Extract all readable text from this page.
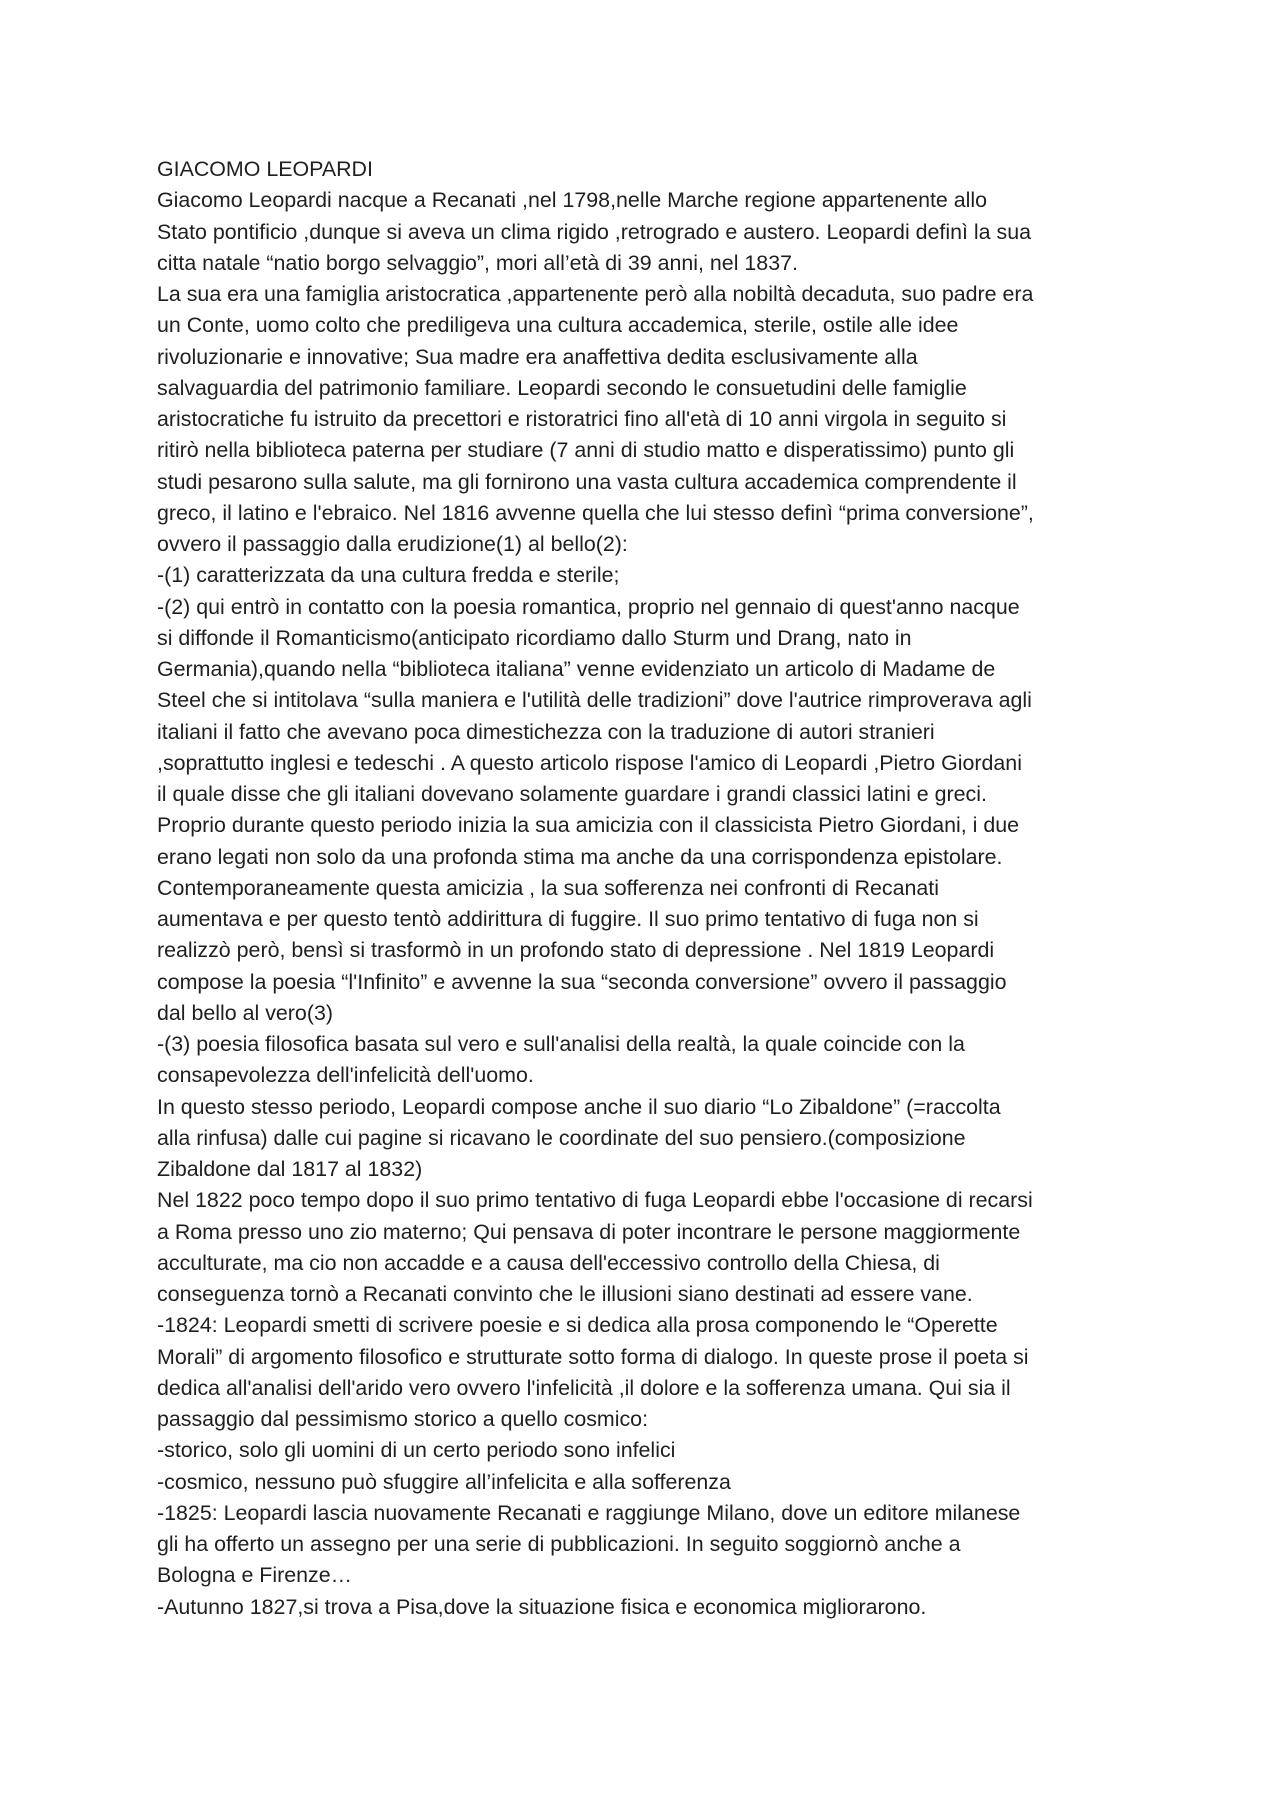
GIACOMO LEOPARDI
Giacomo Leopardi nacque a Recanati ,nel 1798,nelle Marche regione appartenente allo
Stato pontificio ,dunque si aveva un clima rigido ,retrogrado e austero. Leopardi definì la sua
citta natale “natio borgo selvaggio”, mori all’età di 39 anni, nel 1837.
La sua era una famiglia aristocratica ,appartenente però alla nobiltà decaduta, suo padre era
un Conte, uomo colto che prediligeva una cultura accademica, sterile, ostile alle idee
rivoluzionarie e innovative; Sua madre era anaffettiva dedita esclusivamente alla
salvaguardia del patrimonio familiare. Leopardi secondo le consuetudini delle famiglie
aristocratiche fu istruito da precettori e ristoratrici fino all'età di 10 anni virgola in seguito si
ritirò nella biblioteca paterna per studiare (7 anni di studio matto e disperatissimo) punto gli
studi pesarono sulla salute, ma gli fornirono una vasta cultura accademica comprendente il
greco, il latino e l'ebraico. Nel 1816 avvenne quella che lui stesso definì “prima conversione”,
ovvero il passaggio dalla erudizione(1) al bello(2):
-(1) caratterizzata da una cultura fredda e sterile;
-(2) qui entrò in contatto con la poesia romantica, proprio nel gennaio di quest'anno nacque
si diffonde il Romanticismo(anticipato ricordiamo dallo Sturm und Drang, nato in
Germania),quando nella “biblioteca italiana” venne evidenziato un articolo di Madame de
Steel che si intitolava “sulla maniera e l'utilità delle tradizioni” dove l'autrice rimproverava agli
italiani il fatto che avevano poca dimestichezza con la traduzione di autori stranieri
,soprattutto inglesi e tedeschi . A questo articolo rispose l'amico di Leopardi ,Pietro Giordani
il quale disse che gli italiani dovevano solamente guardare i grandi classici latini e greci.
Proprio durante questo periodo inizia la sua amicizia con il classicista Pietro Giordani, i due
erano legati non solo da una profonda stima ma anche da una corrispondenza epistolare.
Contemporaneamente questa amicizia , la sua sofferenza nei confronti di Recanati
aumentava e per questo tentò addirittura di fuggire. Il suo primo tentativo di fuga non si
realizzò però, bensì si trasformò in un profondo stato di depressione . Nel 1819 Leopardi
compose la poesia “l'Infinito” e avvenne la sua “seconda conversione” ovvero il passaggio
dal bello al vero(3)
-(3) poesia filosofica basata sul vero e sull'analisi della realtà, la quale coincide con la
consapevolezza dell'infelicità dell'uomo.
In questo stesso periodo, Leopardi compose anche il suo diario “Lo Zibaldone” (=raccolta
alla rinfusa) dalle cui pagine si ricavano le coordinate del suo pensiero.(composizione
Zibaldone dal 1817 al 1832)
Nel 1822 poco tempo dopo il suo primo tentativo di fuga Leopardi ebbe l'occasione di recarsi
a Roma presso uno zio materno; Qui pensava di poter incontrare le persone maggiormente
acculturate, ma cio non accadde e a causa dell'eccessivo controllo della Chiesa, di
conseguenza tornò a Recanati convinto che le illusioni siano destinati ad essere vane.
-1824: Leopardi smetti di scrivere poesie e si dedica alla prosa componendo le “Operette
Morali” di argomento filosofico e strutturate sotto forma di dialogo. In queste prose il poeta si
dedica all'analisi dell'arido vero ovvero l'infelicità ,il dolore e la sofferenza umana. Qui sia il
passaggio dal pessimismo storico a quello cosmico:
-storico, solo gli uomini di un certo periodo sono infelici
-cosmico, nessuno può sfuggire all’infelicita e alla sofferenza
-1825: Leopardi lascia nuovamente Recanati e raggiunge Milano, dove un editore milanese
gli ha offerto un assegno per una serie di pubblicazioni. In seguito soggiornò anche a
Bologna e Firenze…
-Autunno 1827,si trova a Pisa,dove la situazione fisica e economica migliorarono.
